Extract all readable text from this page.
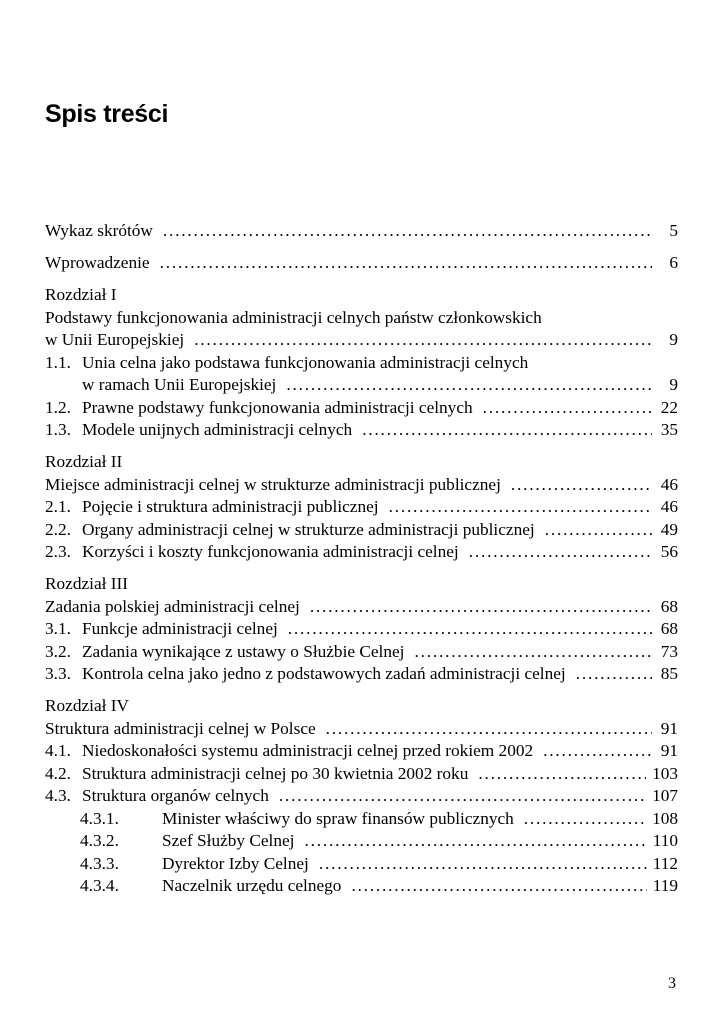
Spis treści
Wykaz skrótów .....	5
Wprowadzenie .....	6
Rozdział I
Podstawy funkcjonowania administracji celnych państw członkowskich
w Unii Europejskiej .....	9
1.1. Unia celna jako podstawa funkcjonowania administracji celnych
w ramach Unii Europejskiej .....	9
1.2. Prawne podstawy funkcjonowania administracji celnych .....	22
1.3. Modele unijnych administracji celnych .....	35
Rozdział II
Miejsce administracji celnej w strukturze administracji publicznej .....	46
2.1. Pojęcie i struktura administracji publicznej .....	46
2.2. Organy administracji celnej w strukturze administracji publicznej .....	49
2.3. Korzyści i koszty funkcjonowania administracji celnej .....	56
Rozdział III
Zadania polskiej administracji celnej .....	68
3.1. Funkcje administracji celnej .....	68
3.2. Zadania wynikające z ustawy o Służbie Celnej .....	73
3.3. Kontrola celna jako jedno z podstawowych zadań administracji celnej .....	85
Rozdział IV
Struktura administracji celnej w Polsce .....	91
4.1. Niedoskonałości systemu administracji celnej przed rokiem 2002 .....	91
4.2. Struktura administracji celnej po 30 kwietnia 2002 roku .....	103
4.3. Struktura organów celnych .....	107
4.3.1.	Minister właściwy do spraw finansów publicznych .....	108
4.3.2.	Szef Służby Celnej .....	110
4.3.3.	Dyrektor Izby Celnej .....	112
4.3.4.	Naczelnik urzędu celnego .....	119
3
